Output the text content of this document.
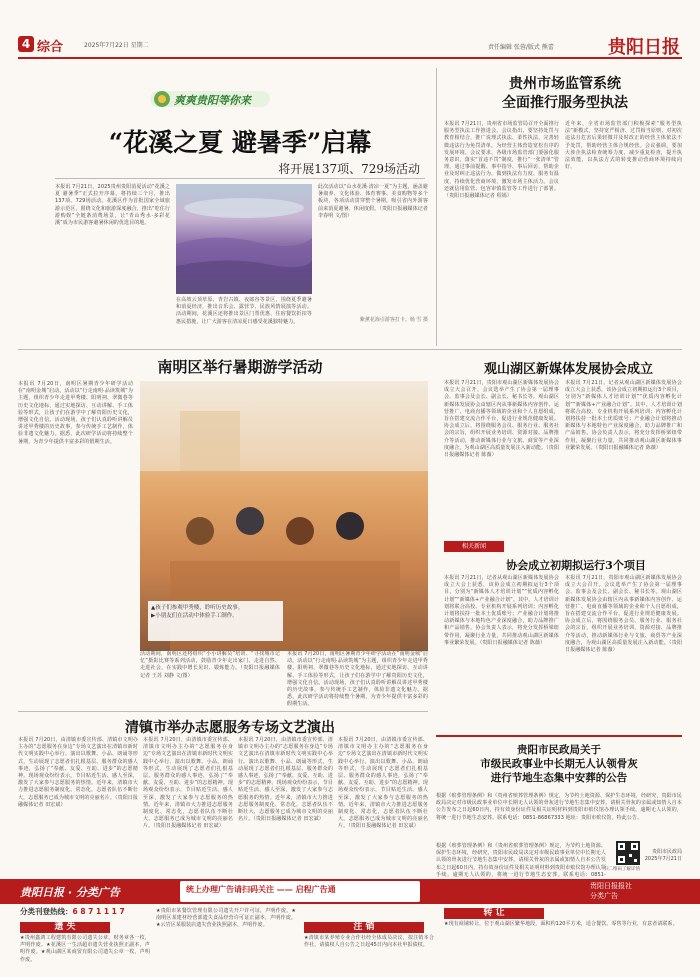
4 综合	2025年7月22日 星期二	责任编辑 张蓉/版式 熊蕾	贵阳日报
爽爽贵阳等你来
“花溪之夏 避暑季”启幕
将开展137项、729场活动
本报讯 7月21日，2025贵州贵阳消夏活动“花溪之夏 避暑季”正式拉开序幕，将持续三个月，推出137项、729场活动。花溪区作为首批国家全域旅游示范区，围绕文化和旅游深度融合，推出“吃住行游购娱”全链条消费场景，让“青山秀水·多彩花溪”成为市民游客避暑休闲的优选目的地。
在高坡云顶草原、青岩古镇、夜郎谷等景区，围绕夏季避暑和消夏经济，推出音乐会、露营节、民族风情展演等活动。活动期间，花溪区还将推出景区门票优惠、住宿餐饮折扣等惠民措施，让广大游客在清凉夏日感受花溪独特魅力。
此次活动以“山水花溪·清凉一夏”为主题，涵盖避暑康养、文化体验、体育赛事、美食购物等多个板块，各项活动贯穿整个暑期，吸引省内外游客前来消夏避暑、休闲度假。（贵阳日报融媒体记者 李春明 文/图）
紫薰花海引游客打卡。杨 雪 摄
贵州市场监管系统
全面推行服务型执法
本报讯 7月21日，贵州省市场监管局召开全面推行服务型执法工作推进会。会议指出，要坚持处罚与教育相结合，推广说理式执法、柔性执法，完善轻微违法行为免罚清单，为经营主体营造宽松有序的发展环境。会议要求，各级市场监管部门要强化服务意识，落实“首违不罚”制度，推行“一张清单”管理，通过事前提醒、事中指导、事后回访，帮助企业及时纠正违法行为，做到执法有力度、服务有温度，持续优化营商环境，激发市场主体活力。会议还就信用监管、包容审慎监管等工作进行了部署。（贵阳日报融媒体记者 程嫣）
近年来，全省市场监管部门积极探索“服务型执法”新模式，坚持宽严相济、过罚相当原则，对初次违法且危害后果轻微并及时改正的经营主体依法不予处罚，帮助经营主体合规经营。会议强调，要加大涉企执法检查统筹力度，减少重复检查，提升执法效能，以执法方式的转变推动营商环境持续向好。
观山湖区新媒体发展协会成立
本报讯 7月21日，贵阳市观山湖区新媒体发展协会成立大会召开。会议选举产生了协会第一届理事会、监事会及会长、副会长、秘书长等。观山湖区新媒体发展协会由辖区内从事新媒体内容创作、运营推广、电商直播等领域的企业和个人自愿组成，旨在搭建交流合作平台，促进行业规范健康发展。协会成立后，将围绕服务会员、服务行业、服务社会的宗旨，组织开展业务培训、资源对接、品牌推介等活动，推动新媒体行业与文旅、商贸等产业深度融合，为观山湖区高质量发展注入新动能。（贵阳日报融媒体记者 陈薇）
本报讯 7月21日，记者从观山湖区新媒体发展协会成立大会上获悉，该协会成立初期拟运行3个项目，分别为“新媒体人才培训计划”“优质内容孵化计划”“新媒体+产业融合计划”。其中，人才培训计划将联合高校、专业机构开展系列培训；内容孵化计划将扶持一批本土优质账号；产业融合计划将推动新媒体与本地特色产业深度融合，助力品牌推广和产品销售。协会负责人表示，将充分发挥桥梁纽带作用，凝聚行业力量，共同推动观山湖区新媒体事业繁荣发展。（贵阳日报融媒体记者 陈薇）
相关新闻
协会成立初期拟运行3个项目
本报讯 7月21日，记者从观山湖区新媒体发展协会成立大会上获悉，该协会成立初期拟运行3个项目，分别为“新媒体人才培训计划”“优质内容孵化计划”“新媒体+产业融合计划”。其中，人才培训计划将联合高校、专业机构开展系列培训；内容孵化计划将扶持一批本土优质账号；产业融合计划将推动新媒体与本地特色产业深度融合，助力品牌推广和产品销售。协会负责人表示，将充分发挥桥梁纽带作用，凝聚行业力量，共同推动观山湖区新媒体事业繁荣发展。（贵阳日报融媒体记者 陈薇）
本报讯 7月21日，贵阳市观山湖区新媒体发展协会成立大会召开。会议选举产生了协会第一届理事会、监事会及会长、副会长、秘书长等。观山湖区新媒体发展协会由辖区内从事新媒体内容创作、运营推广、电商直播等领域的企业和个人自愿组成，旨在搭建交流合作平台，促进行业规范健康发展。协会成立后，将围绕服务会员、服务行业、服务社会的宗旨，组织开展业务培训、资源对接、品牌推介等活动，推动新媒体行业与文旅、商贸等产业深度融合，为观山湖区高质量发展注入新动能。（贵阳日报融媒体记者 陈薇）
南明区举行暑期游学活动
本报讯 7月20日，南明区暑期青少年研学活动在“南明金城”启动。活动以“行走南明·品读筑城”为主题，组织青少年走进甲秀楼、阳明祠、翠微巷等历史文化地标，通过实地探访、互动讲解、手工体验等形式，让孩子们在游学中了解贵阳历史文化，增强文化自信。活动现场，孩子们认真聆听讲解员讲述甲秀楼的历史故事，参与传统手工艺制作，体验非遗文化魅力。据悉，此次研学活动将持续整个暑期，为青少年提供丰富多彩的假期生活。
▲孩子们参观甲秀楼，聆听历史故事。
▶小朋友们在活动中体验手工制作。
活动期间，南明区还将组织“小小讲解员”培训、“寻找城市记忆”摄影比赛等系列活动，鼓励青少年走出家门、走进自然、走进社会，在实践中增长见识、锻炼能力。（贵阳日报融媒体记者 王苏 刘静 文/图）
本报讯 7月20日，南明区暑期青少年研学活动在“南明金城”启动。活动以“行走南明·品读筑城”为主题，组织青少年走进甲秀楼、阳明祠、翠微巷等历史文化地标，通过实地探访、互动讲解、手工体验等形式，让孩子们在游学中了解贵阳历史文化，增强文化自信。活动现场，孩子们认真聆听讲解员讲述甲秀楼的历史故事，参与传统手工艺制作，体验非遗文化魅力。据悉，此次研学活动将持续整个暑期，为青少年提供丰富多彩的假期生活。
清镇市举办志愿服务专场文艺演出
本报讯 7月20日，由清镇市委宣传部、清镇市文明办主办的“志愿服务在身边”专场文艺演出在清镇市新时代文明实践中心举行。演出以歌舞、小品、朗诵等形式，生动展现了志愿者们扎根基层、服务群众的感人事迹，弘扬了“奉献、友爱、互助、进步”的志愿精神。现场观众纷纷表示，节目贴近生活、感人至深，激发了大家参与志愿服务的热情。近年来，清镇市大力推进志愿服务制度化、常态化，志愿者队伍不断壮大，志愿服务已成为城市文明的亮丽名片。（贵阳日报融媒体记者 田宏斌）
本报讯 7月20日，由清镇市委宣传部、清镇市文明办主办的“志愿服务在身边”专场文艺演出在清镇市新时代文明实践中心举行。演出以歌舞、小品、朗诵等形式，生动展现了志愿者们扎根基层、服务群众的感人事迹，弘扬了“奉献、友爱、互助、进步”的志愿精神。现场观众纷纷表示，节目贴近生活、感人至深，激发了大家参与志愿服务的热情。近年来，清镇市大力推进志愿服务制度化、常态化，志愿者队伍不断壮大，志愿服务已成为城市文明的亮丽名片。（贵阳日报融媒体记者 田宏斌）
本报讯 7月20日，由清镇市委宣传部、清镇市文明办主办的“志愿服务在身边”专场文艺演出在清镇市新时代文明实践中心举行。演出以歌舞、小品、朗诵等形式，生动展现了志愿者们扎根基层、服务群众的感人事迹，弘扬了“奉献、友爱、互助、进步”的志愿精神。现场观众纷纷表示，节目贴近生活、感人至深，激发了大家参与志愿服务的热情。近年来，清镇市大力推进志愿服务制度化、常态化，志愿者队伍不断壮大，志愿服务已成为城市文明的亮丽名片。（贵阳日报融媒体记者 田宏斌）
本报讯 7月20日，由清镇市委宣传部、清镇市文明办主办的“志愿服务在身边”专场文艺演出在清镇市新时代文明实践中心举行。演出以歌舞、小品、朗诵等形式，生动展现了志愿者们扎根基层、服务群众的感人事迹，弘扬了“奉献、友爱、互助、进步”的志愿精神。现场观众纷纷表示，节目贴近生活、感人至深，激发了大家参与志愿服务的热情。近年来，清镇市大力推进志愿服务制度化、常态化，志愿者队伍不断壮大，志愿服务已成为城市文明的亮丽名片。（贵阳日报融媒体记者 田宏斌）
贵阳市民政局关于
市级民政事业中长期无人认领骨灰
进行节地生态集中安葬的公告
根据《殡葬管理条例》和《贵州省殡葬管理条例》规定，为节约土地资源、保护生态环境，经研究，贵阳市民政局决定对市级民政事业单位中长期无人认领的骨灰进行节地生态集中安葬。请相关骨灰的亲属或知情人自本公告发布之日起60日内，持有效身份证件及相关证明材料到贵阳市殡仪馆办理认领手续。逾期无人认领的，将统一进行节地生态安葬。联系电话：0851-86867333 地址：贵阳市殡仪馆。特此公告。
根据《殡葬管理条例》和《贵州省殡葬管理条例》规定，为节约土地资源、保护生态环境，经研究，贵阳市民政局决定对市级民政事业单位中长期无人认领的骨灰进行节地生态集中安葬。请相关骨灰的亲属或知情人自本公告发布之日起60日内，持有效身份证件及相关证明材料到贵阳市殡仪馆办理认领手续。逾期无人认领的，将统一进行节地生态安葬。联系电话：0851-
扫二维码了解详情
贵阳市民政局
2025年7月21日
贵阳日报 · 分类广告	统上办理广告请扫码关注 —— 启程广告通	贵阳日报报社
分类广告
分类刊登热线：6 8 7 1 1 1 7
遗 失
★贵州鑫鸿工程建筑有限公司遗失公章、财务章各一枚，声明作废。★花溪区一生活超市遗失营业执照正副本，声明作废。★观山湖区某商贸有限公司遗失公章一枚，声明作废。
★贵阳市某餐饮管理有限公司遗失开户许可证，声明作废。★南明区某建材经营部遗失食品经营许可证正副本，声明作废。★云岩区某服装店遗失营业执照副本，声明作废。	注 销
★清镇市某养殖专业合作社经全体成员决议，拟注销本合作社，请债权人自公告之日起45日内向本社申报债权。
转 让
★现有商铺转让，位于观山湖区繁华地段，面积约120平方米，适合餐饮、零售等行业，有意者请联系。
